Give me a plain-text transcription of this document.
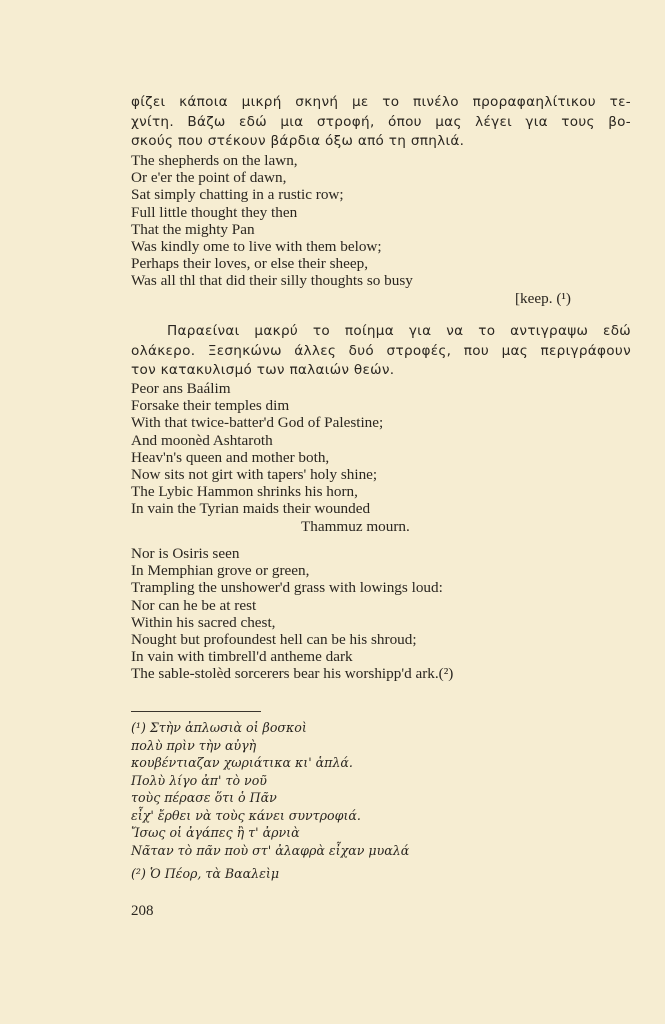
φίζει κάποια μικρή σκηνή με το πινέλο προραφαηλίτικου τε-
χνίτη. Βάζω εδώ μια στροφή, όπου μας λέγει για τους βο-
σκούς που στέκουν βάρδια όξω από τη σπηλιά.
The shepherds on the lawn,
Or e'er the point of dawn,
Sat simply chatting in a rustic row;
Full little thought they then
That the mighty Pan
Was kindly ome to live with them below;
Perhaps their loves, or else their sheep,
Was all thl that did their silly thoughts so busy
[keep. (¹)
Παραείναι μακρύ το ποίημα για να το αντιγραψω εδώ
ολάκερο. Ξεσηκώνω άλλες δυό στροφές, που μας περιγράφουν
τον κατακυλισμό των παλαιών θεών.
Peor ans Baálim
Forsake their temples dim
With that twice-batter'd God of Palestine;
And moonèd Ashtaroth
Heav'n's queen and mother both,
Now sits not girt with tapers' holy shine;
The Lybic Hammon shrinks his horn,
In vain the Tyrian maids their wounded
Thammuz mourn.
Nor is Osiris seen
In Memphian grove or green,
Trampling the unshower'd grass with lowings loud:
Nor can he be at rest
Within his sacred chest,
Nought but profoundest hell can be his shroud;
In vain with timbrell'd antheme dark
The sable-stolèd sorcerers bear his worshipp'd ark.(²)
(¹) Στὴν ἀπλωσιὰ οἱ βοσκοὶ
πολὺ πρὶν τὴν αὐγὴ
κουβέντιαζαν χωριάτικα κι' ἁπλά.
Πολὺ λίγο ἀπ' τὸ νοῦ
τοὺς πέρασε ὅτι ὁ Πᾶν
εἶχ' ἔρθει νὰ τοὺς κάνει συντροφιά.
Ἴσως οἱ ἀγάπες ἢ τ' ἀρνιὰ
Νᾶταν τὸ πᾶν ποὺ στ' ἀλαφρὰ εἶχαν μυαλά
(²) Ὁ Πέορ, τὰ Βααλεὶμ
208
